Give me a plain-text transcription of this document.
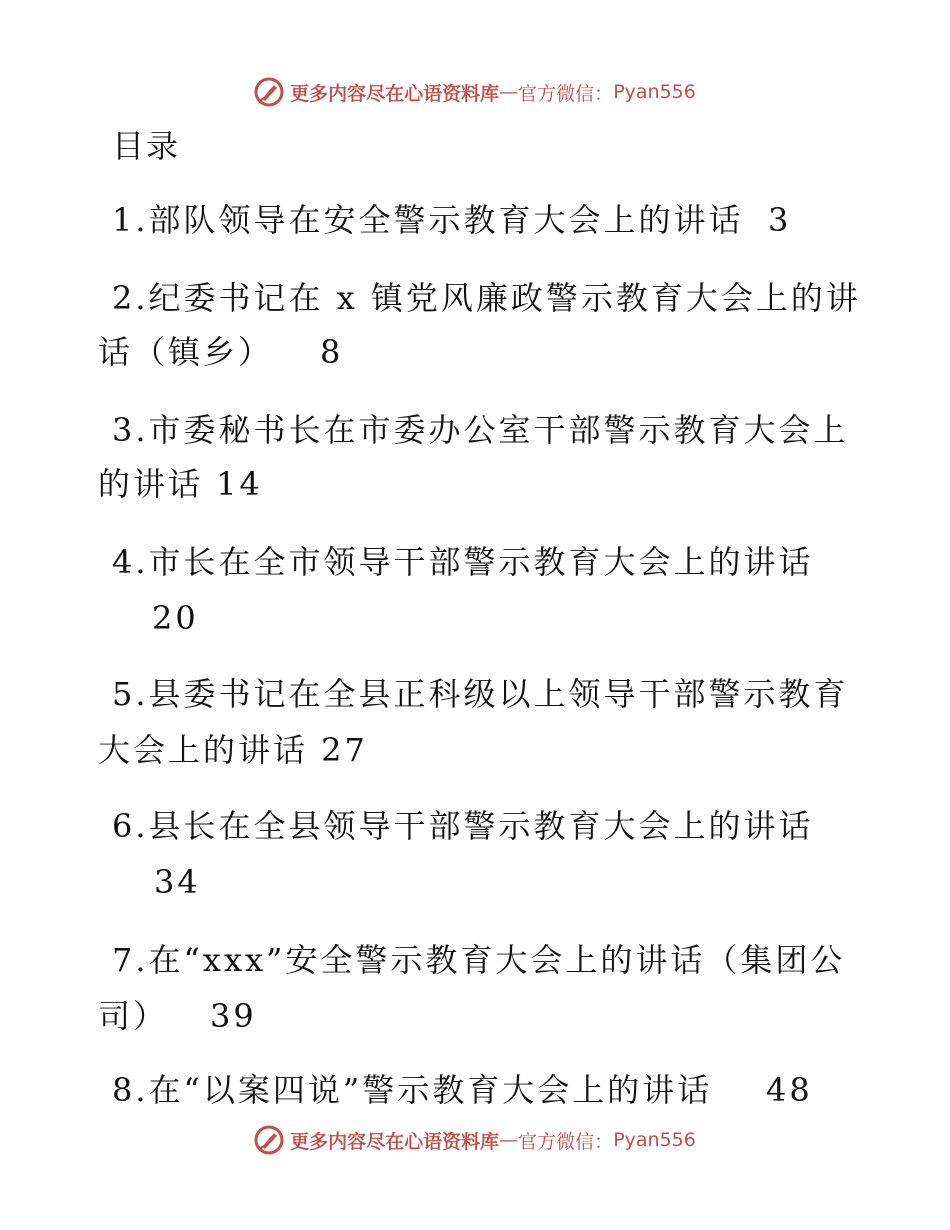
更多内容尽在心语资料库 — 官方微信： Pyan556
目录
1.部队领导在安全警示教育大会上的讲话 3
2.纪委书记在 x 镇党风廉政警示教育大会上的讲
话（镇乡） 8
3.市委秘书长在市委办公室干部警示教育大会上
的讲话 14
4.市长在全市领导干部警示教育大会上的讲话
20
5.县委书记在全县正科级以上领导干部警示教育
大会上的讲话 27
6.县长在全县领导干部警示教育大会上的讲话
34
7.在“xxx”安全警示教育大会上的讲话（集团公
司） 39
8.在“以案四说”警示教育大会上的讲话 48
更多内容尽在心语资料库 — 官方微信： Pyan556
